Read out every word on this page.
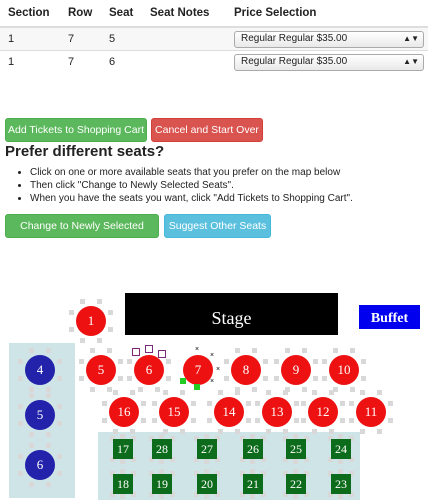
Section	Row	Seat	Seat Notes	Price Selection
1	7	5		Regular Regular $35.00 ▲▼

1	7	6		Regular Regular $35.00 ▲▼
Add Tickets to Shopping Cart	Cancel and Start Over
Prefer different seats?
• Click on one or more available seats that you prefer on the map below
• Then click "Change to Newly Selected Seats".
• When you have the seats you want, click "Add Tickets to Shopping Cart".
Change to Newly Selected Seats
Suggest Other Seats
Stage	Buffet
1
5	6	7	8	9	10
16	15	14	13	12	11
×
×
×
×
4
5
6
17	28	27	26	25	24
18	19	20	21	22	23
